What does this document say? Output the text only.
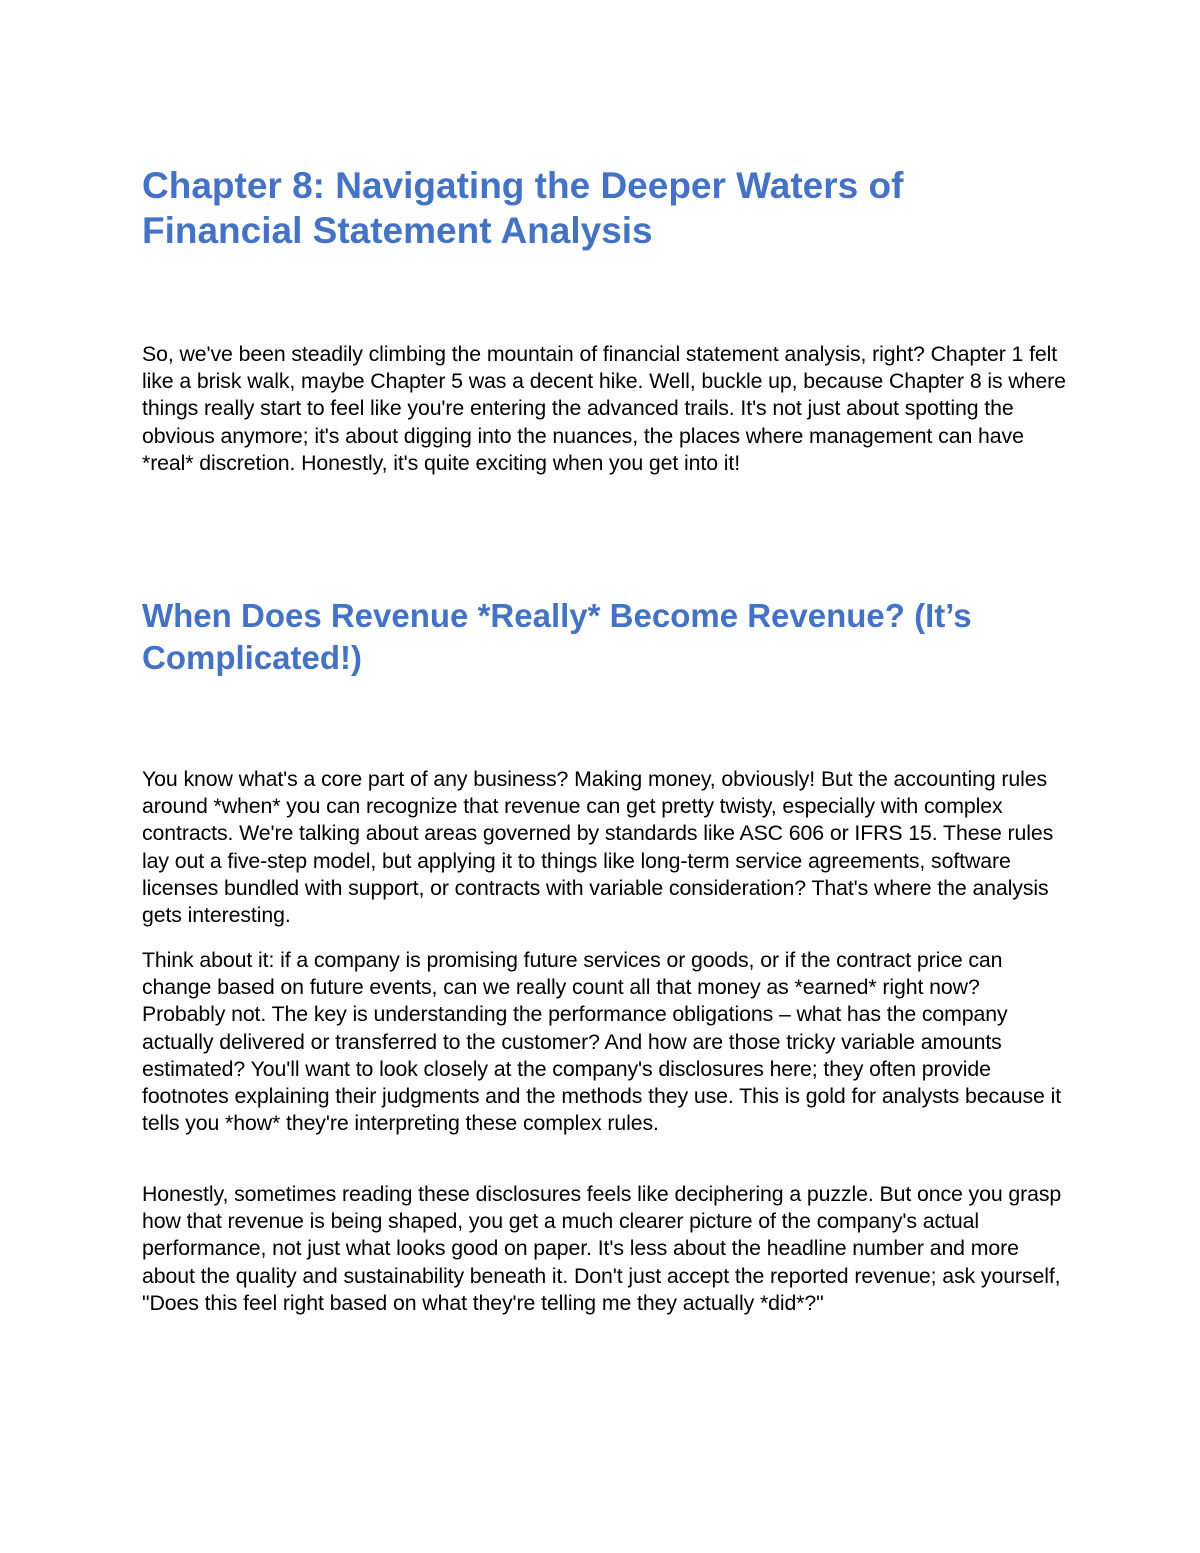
Chapter 8: Navigating the Deeper Waters of Financial Statement Analysis

So, we've been steadily climbing the mountain of financial statement analysis, right? Chapter 1 felt like a brisk walk, maybe Chapter 5 was a decent hike. Well, buckle up, because Chapter 8 is where things really start to feel like you're entering the advanced trails. It's not just about spotting the obvious anymore; it's about digging into the nuances, the places where management can have *real* discretion. Honestly, it's quite exciting when you get into it!

When Does Revenue *Really* Become Revenue? (It’s Complicated!)

You know what's a core part of any business? Making money, obviously! But the accounting rules around *when* you can recognize that revenue can get pretty twisty, especially with complex contracts. We're talking about areas governed by standards like ASC 606 or IFRS 15. These rules lay out a five-step model, but applying it to things like long-term service agreements, software licenses bundled with support, or contracts with variable consideration? That's where the analysis gets interesting.

Think about it: if a company is promising future services or goods, or if the contract price can change based on future events, can we really count all that money as *earned* right now? Probably not. The key is understanding the performance obligations – what has the company actually delivered or transferred to the customer? And how are those tricky variable amounts estimated? You'll want to look closely at the company's disclosures here; they often provide footnotes explaining their judgments and the methods they use. This is gold for analysts because it tells you *how* they're interpreting these complex rules.

Honestly, sometimes reading these disclosures feels like deciphering a puzzle. But once you grasp how that revenue is being shaped, you get a much clearer picture of the company's actual performance, not just what looks good on paper. It's less about the headline number and more about the quality and sustainability beneath it. Don't just accept the reported revenue; ask yourself, "Does this feel right based on what they're telling me they actually *did*?"
